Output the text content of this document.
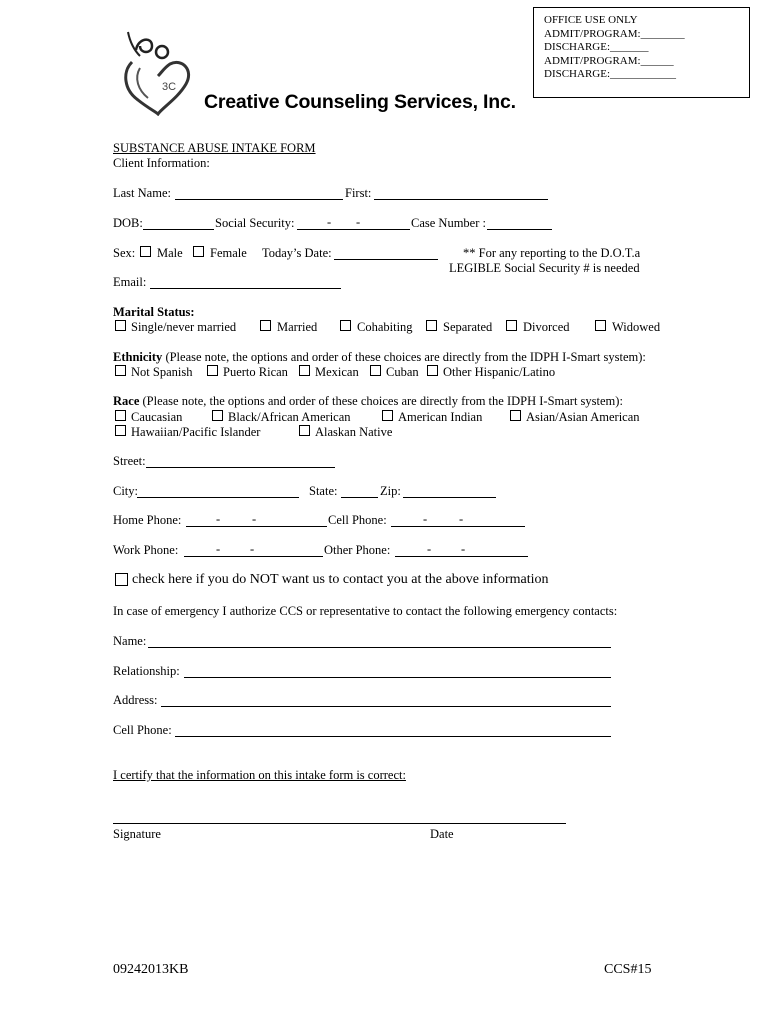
OFFICE USE ONLY
ADMIT/PROGRAM:________
DISCHARGE:_______
ADMIT/PROGRAM:______
DISCHARGE:____________
3C
Creative Counseling Services, Inc.
SUBSTANCE ABUSE INTAKE FORM
Client Information:
Last Name:	First:
DOB:	Social Security:	- -	Case Number :
Sex: Male Female Today’s Date:	** For any reporting to the D.O.T.a
LEGIBLE Social Security # is needed
Email:
Marital Status:
Single/never married	Married	Cohabiting Separated Divorced	Widowed
Ethnicity (Please note, the options and order of these choices are directly from the IDPH I-Smart system):
Not Spanish Puerto Rican Mexican Cuban Other Hispanic/Latino
Race (Please note, the options and order of these choices are directly from the IDPH I-Smart system):
Caucasian	Black/African American	American Indian	Asian/Asian American
Hawaiian/Pacific Islander	Alaskan Native
Street:
City:	State:	Zip:
Home Phone:	-	-	Cell Phone:	-	-
Work Phone:	- -	Other Phone:	- -
check here if you do NOT want us to contact you at the above information
In case of emergency I authorize CCS or representative to contact the following emergency contacts:
Name:
Relationship:
Address:
Cell Phone:
I certify that the information on this intake form is correct:
Signature	Date
09242013KB	CCS#15
